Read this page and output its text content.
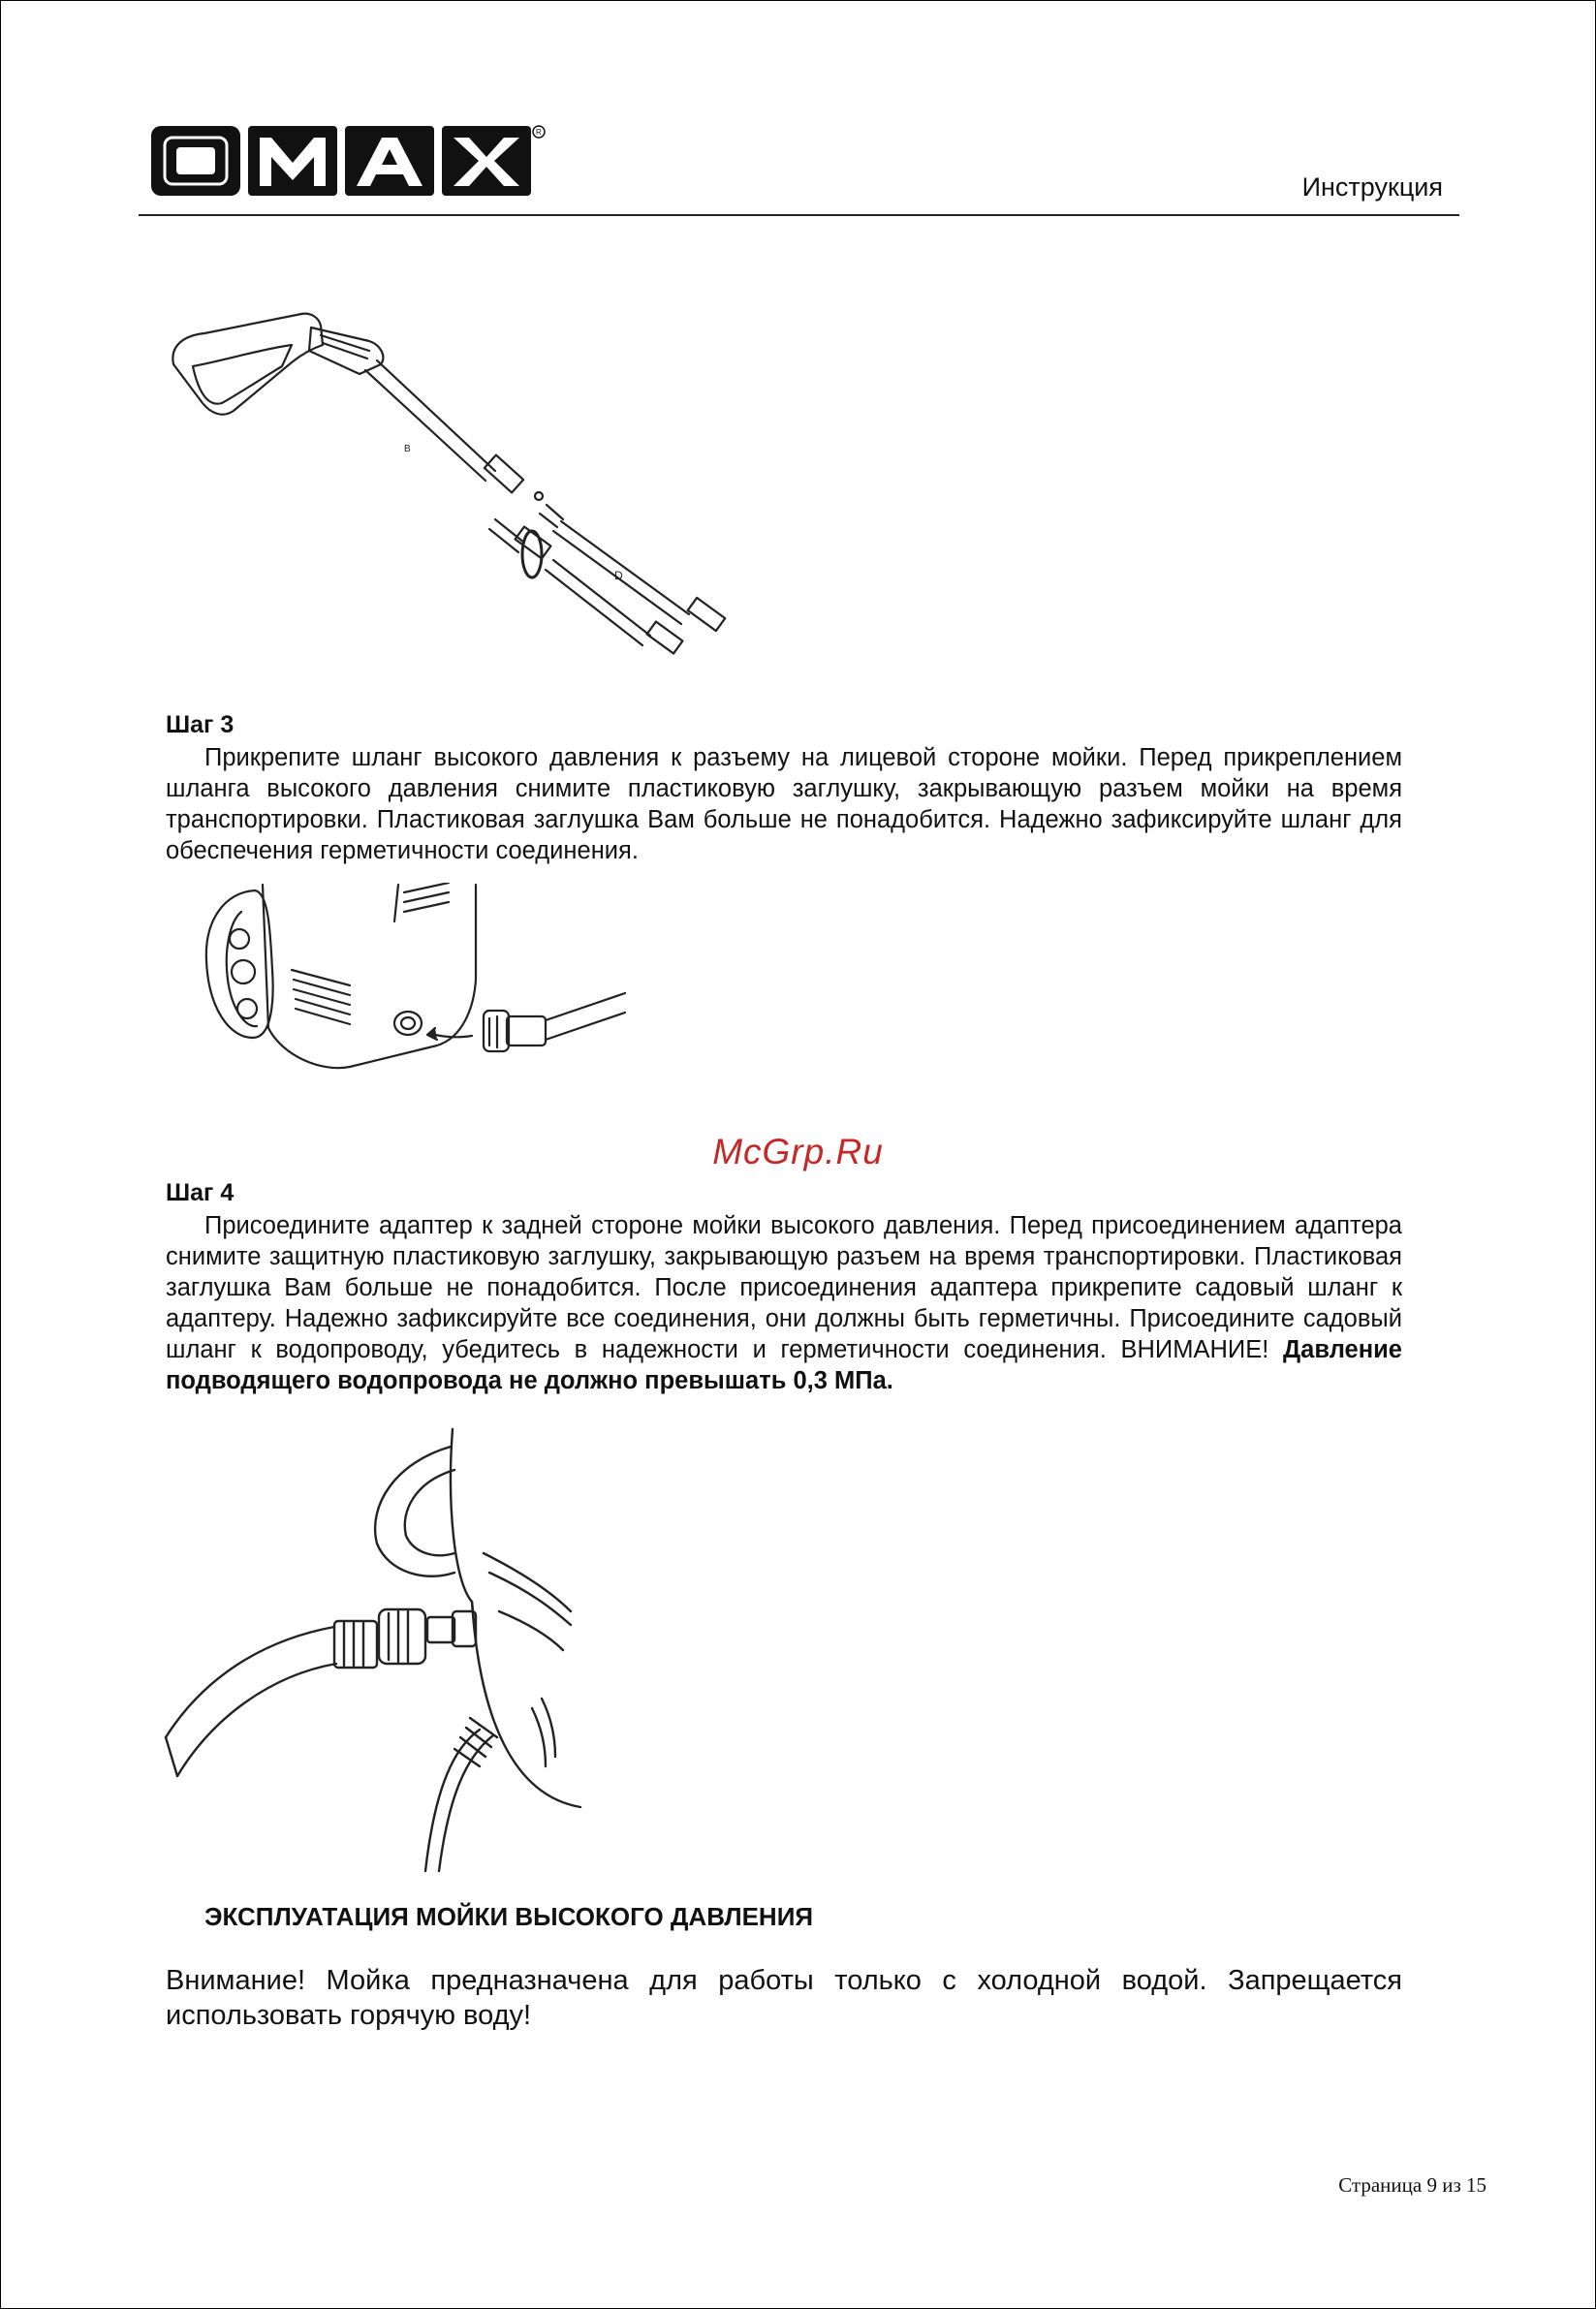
R
Инструкция
B
D
Шаг 3

Прикрепите шланг высокого давления к разъему на лицевой стороне мойки. Перед прикреплением шланга высокого давления снимите пластиковую заглушку, закрывающую разъем мойки на время транспортировки. Пластиковая заглушка Вам больше не понадобится. Надежно зафиксируйте шланг для обеспечения герметичности соединения.

McGrp.Ru
Шаг 4

Присоедините адаптер к задней стороне мойки высокого давления. Перед присоединением адаптера снимите защитную пластиковую заглушку, закрывающую разъем на время транспортировки. Пластиковая заглушка Вам больше не понадобится. После присоединения адаптера прикрепите садовый шланг к адаптеру. Надежно зафиксируйте все соединения, они должны быть герметичны. Присоедините садовый шланг к водопроводу, убедитесь в надежности и герметичности соединения. ВНИМАНИЕ! Давление подводящего водопровода не должно превышать 0,3 МПа.

ЭКСПЛУАТАЦИЯ МОЙКИ ВЫСОКОГО ДАВЛЕНИЯ

Внимание! Мойка предназначена для работы только с холодной водой. Запрещается использовать горячую воду!

Страница 9 из 15
